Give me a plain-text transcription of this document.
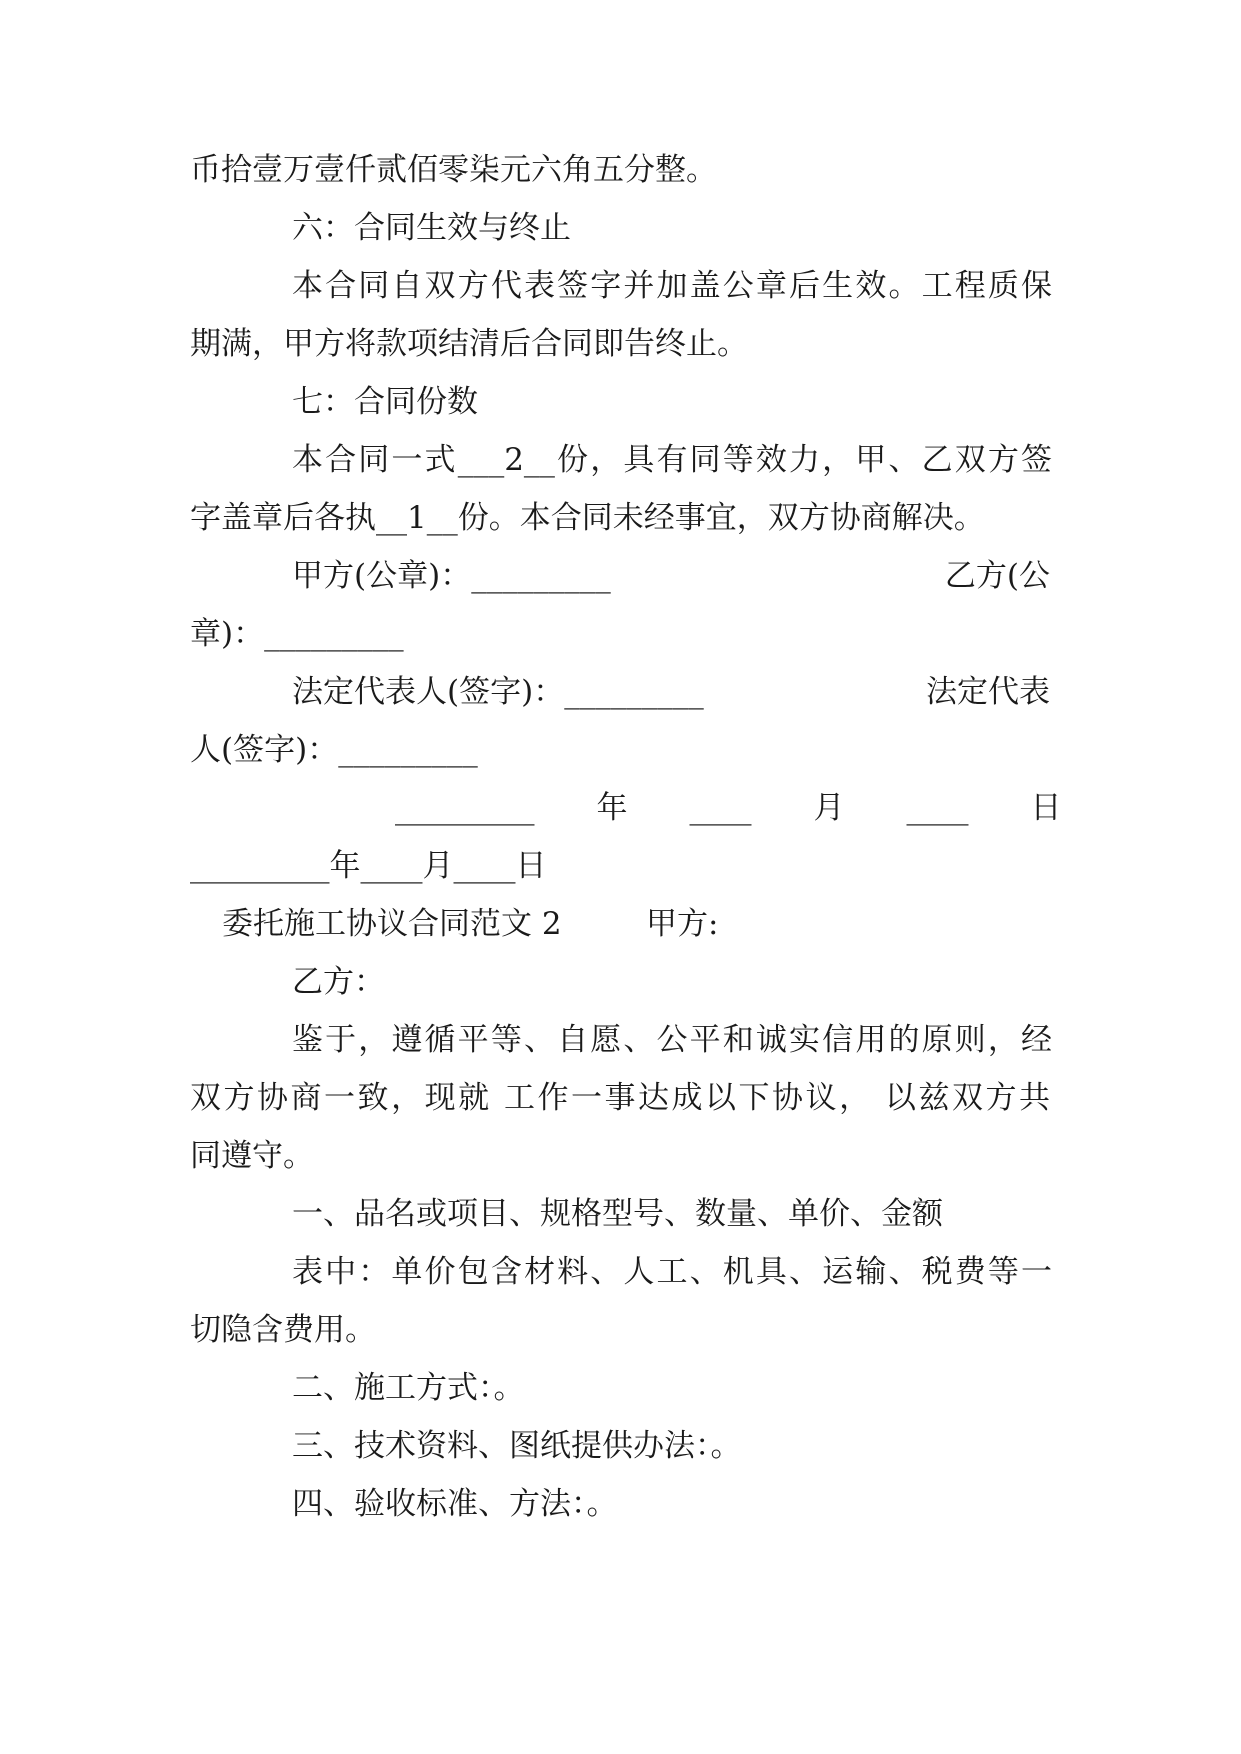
币拾壹万壹仟贰佰零柒元六角五分整。
六：合同生效与终止
本合同自双方代表签字并加盖公章后生效。工程质保
期满，甲方将款项结清后合同即告终止。
七：合同份数
本合同一式___2__份，具有同等效力，甲、乙双方签
字盖章后各执__1__份。本合同未经事宜，双方协商解决。
甲方(公章)：_________	乙方(公
章)：_________
法定代表人(签字)：_________	法定代表
人(签字)：_________
_________　　年　　____　　月　　____　　日
_________年____月____日
委托施工协议合同范文 2	甲方:
乙方：
鉴于，遵循平等、自愿、公平和诚实信用的原则，经
双方协商一致，现就 工作一事达成以下协议， 以兹双方共
同遵守。
一、品名或项目、规格型号、数量、单价、金额
表中：单价包含材料、人工、机具、运输、税费等一
切隐含费用。
二、施工方式：。
三、技术资料、图纸提供办法：。
四、验收标准、方法：。
